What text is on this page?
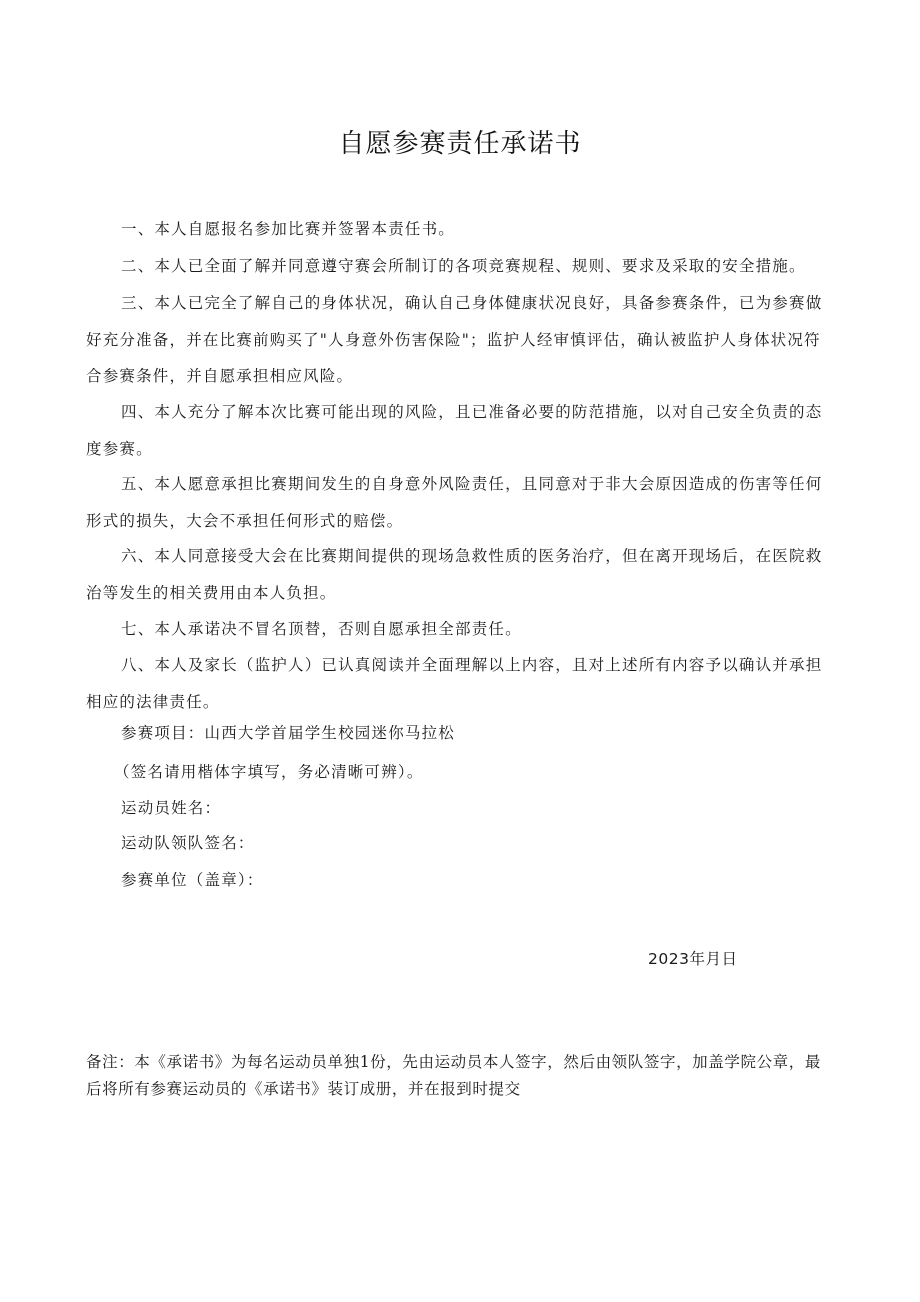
自愿参赛责任承诺书

一、本人自愿报名参加比赛并签署本责任书。

二、本人已全面了解并同意遵守赛会所制订的各项竞赛规程、规则、要求及采取的安全措施。

三、本人已完全了解自己的身体状况，确认自己身体健康状况良好，具备参赛条件，已为参赛做好充分准备，并在比赛前购买了"人身意外伤害保险"；监护人经审慎评估，确认被监护人身体状况符合参赛条件，并自愿承担相应风险。

四、本人充分了解本次比赛可能出现的风险，且已准备必要的防范措施，以对自己安全负责的态度参赛。

五、本人愿意承担比赛期间发生的自身意外风险责任，且同意对于非大会原因造成的伤害等任何形式的损失，大会不承担任何形式的赔偿。

六、本人同意接受大会在比赛期间提供的现场急救性质的医务治疗，但在离开现场后，在医院救治等发生的相关费用由本人负担。

七、本人承诺决不冒名顶替，否则自愿承担全部责任。

八、本人及家长（监护人）已认真阅读并全面理解以上内容，且对上述所有内容予以确认并承担相应的法律责任。

参赛项目：山西大学首届学生校园迷你马拉松

（签名请用楷体字填写，务必清晰可辨）。

运动员姓名：

运动队领队签名：

参赛单位（盖章）：

2023年月日

备注：本《承诺书》为每名运动员单独1份，先由运动员本人签字，然后由领队签字，加盖学院公章，最后将所有参赛运动员的《承诺书》装订成册，并在报到时提交
